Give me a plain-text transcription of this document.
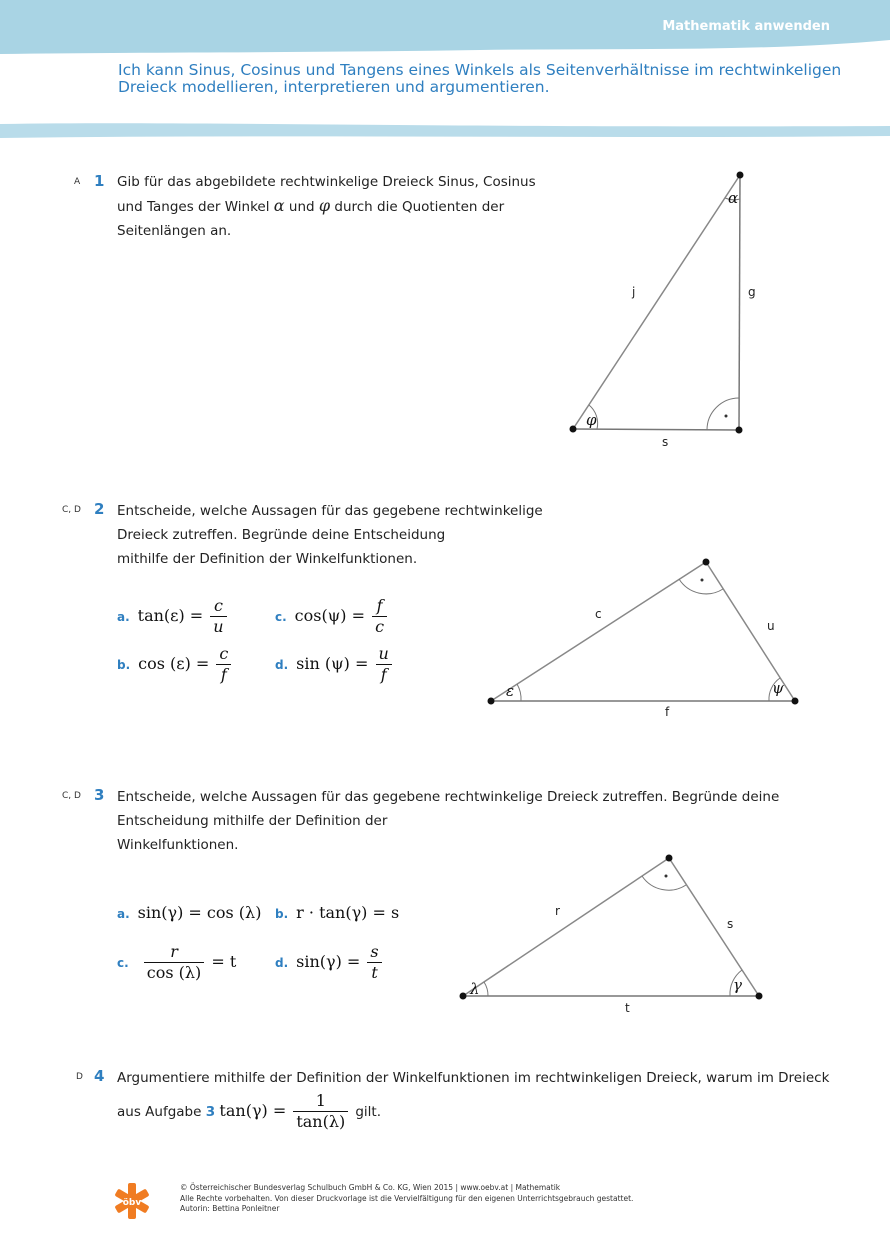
Mathematik anwenden
Ich kann Sinus, Cosinus und Tangens eines Winkels als Seitenverhältnisse im rechtwinkeligen Dreieck modellieren, interpretieren und argumentieren.
A 1 Gib für das abgebildete rechtwinkelige Dreieck Sinus, Cosinus
und Tanges der Winkel α und φ durch die Quotienten der
Seitenlängen an.
α
φ
j	g
s
C, D 2 Entscheide, welche Aussagen für das gegebene rechtwinkelige
Dreieck zutreffen. Begründe deine Entscheidung
mithilfe der Definition der Winkelfunktionen.
a. $\tan(\varepsilon) = \frac{c}{u}$
b. $\cos (\varepsilon) = \frac{c}{f}$
c. $\cos(\psi) = \frac{f}{c}$
d. $\sin (\psi) = \frac{u}{f}$
ε	ψ
c
u
f
C, D 3 Entscheide, welche Aussagen für das gegebene rechtwinkelige Dreieck zutreffen. Begründe deine
Entscheidung mithilfe der Definition der
Winkelfunktionen.
a. sin(γ) = cos (λ) b. r · tan(γ) = s
c. $\frac{r}{\cos (\lambda)} = t$	d. $\sin(\gamma) = \frac{s}{t}$
λ	γ
r
s
t
D 4 Argumentiere mithilfe der Definition der Winkelfunktionen im rechtwinkeligen Dreieck, warum im Dreieck
aus Aufgabe 3 $\tan(\gamma) = \frac{1}{\tan(\lambda)}$ gilt.
öbv
© Österreichischer Bundesverlag Schulbuch GmbH & Co. KG, Wien 2015 | www.oebv.at | Mathematik
Alle Rechte vorbehalten. Von dieser Druckvorlage ist die Vervielfältigung für den eigenen Unterrichtsgebrauch gestattet.
Autorin: Bettina Ponleitner
